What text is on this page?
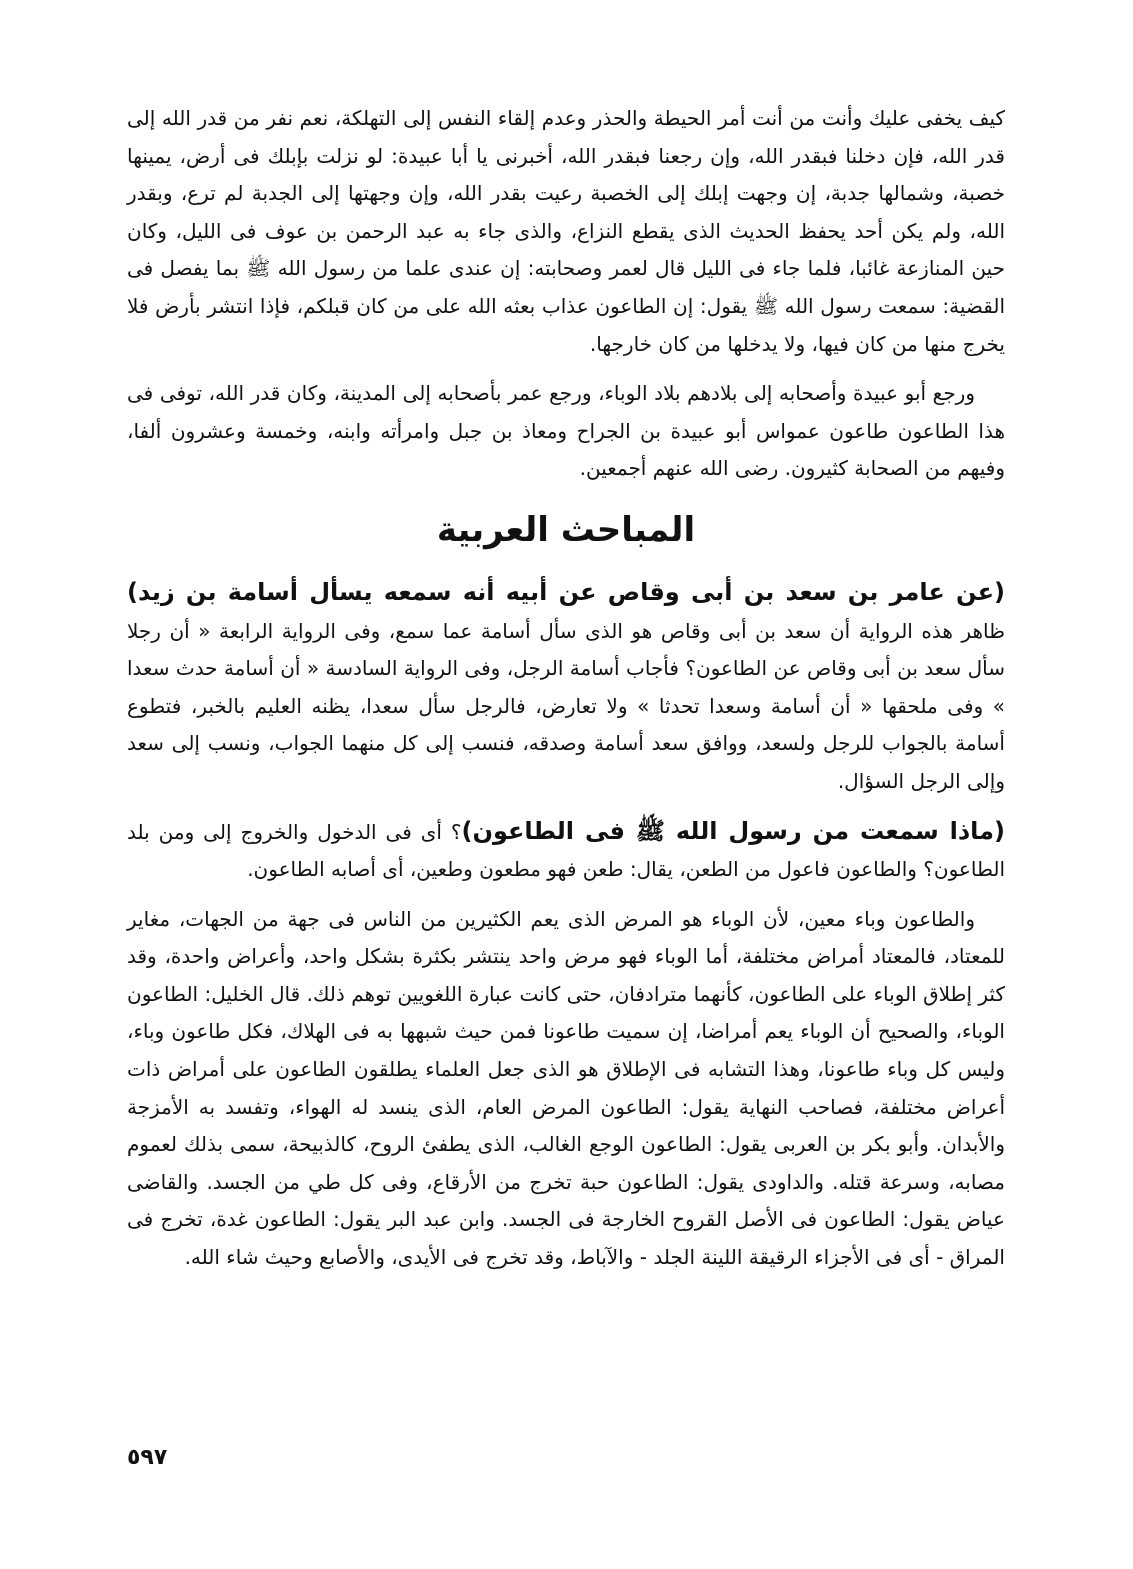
كيف يخفى عليك وأنت من أنت أمر الحيطة والحذر وعدم إلقاء النفس إلى التهلكة، نعم نفر من قدر الله إلى قدر الله، فإن دخلنا فبقدر الله، وإن رجعنا فبقدر الله، أخبرنى يا أبا عبيدة: لو نزلت بإبلك فى أرض، يمينها خصبة، وشمالها جدبة، إن وجهت إبلك إلى الخصبة رعيت بقدر الله، وإن وجهتها إلى الجدبة لم ترع، وبقدر الله، ولم يكن أحد يحفظ الحديث الذى يقطع النزاع، والذى جاء به عبد الرحمن بن عوف فى الليل، وكان حين المنازعة غائبا، فلما جاء فى الليل قال لعمر وصحابته: إن عندى علما من رسول الله ﷺ بما يفصل فى القضية: سمعت رسول الله ﷺ يقول: إن الطاعون عذاب بعثه الله على من كان قبلكم، فإذا انتشر بأرض فلا يخرج منها من كان فيها، ولا يدخلها من كان خارجها.

ورجع أبو عبيدة وأصحابه إلى بلادهم بلاد الوباء، ورجع عمر بأصحابه إلى المدينة، وكان قدر الله، توفى فى هذا الطاعون طاعون عمواس أبو عبيدة بن الجراح ومعاذ بن جبل وامرأته وابنه، وخمسة وعشرون ألفا، وفيهم من الصحابة كثيرون. رضى الله عنهم أجمعين.

المباحث العربية

(عن عامر بن سعد بن أبى وقاص عن أبيه أنه سمعه يسأل أسامة بن زيد) ظاهر هذه الرواية أن سعد بن أبى وقاص هو الذى سأل أسامة عما سمع، وفى الرواية الرابعة « أن رجلا سأل سعد بن أبى وقاص عن الطاعون؟ فأجاب أسامة الرجل، وفى الرواية السادسة « أن أسامة حدث سعدا » وفى ملحقها « أن أسامة وسعدا تحدثا » ولا تعارض، فالرجل سأل سعدا، يظنه العليم بالخبر، فتطوع أسامة بالجواب للرجل ولسعد، ووافق سعد أسامة وصدقه، فنسب إلى كل منهما الجواب، ونسب إلى سعد وإلى الرجل السؤال.

(ماذا سمعت من رسول الله ﷺ فى الطاعون)؟ أى فى الدخول والخروج إلى ومن بلد الطاعون؟ والطاعون فاعول من الطعن، يقال: طعن فهو مطعون وطعين، أى أصابه الطاعون.

والطاعون وباء معين، لأن الوباء هو المرض الذى يعم الكثيرين من الناس فى جهة من الجهات، مغاير للمعتاد، فالمعتاد أمراض مختلفة، أما الوباء فهو مرض واحد ينتشر بكثرة بشكل واحد، وأعراض واحدة، وقد كثر إطلاق الوباء على الطاعون، كأنهما مترادفان، حتى كانت عبارة اللغويين توهم ذلك. قال الخليل: الطاعون الوباء، والصحيح أن الوباء يعم أمراضا، إن سميت طاعونا فمن حيث شبهها به فى الهلاك، فكل طاعون وباء، وليس كل وباء طاعونا، وهذا التشابه فى الإطلاق هو الذى جعل العلماء يطلقون الطاعون على أمراض ذات أعراض مختلفة، فصاحب النهاية يقول: الطاعون المرض العام، الذى ينسد له الهواء، وتفسد به الأمزجة والأبدان. وأبو بكر بن العربى يقول: الطاعون الوجع الغالب، الذى يطفئ الروح، كالذبيحة، سمى بذلك لعموم مصابه، وسرعة قتله. والداودى يقول: الطاعون حبة تخرج من الأرقاع، وفى كل طي من الجسد. والقاضى عياض يقول: الطاعون فى الأصل القروح الخارجة فى الجسد. وابن عبد البر يقول: الطاعون غدة، تخرج فى المراق - أى فى الأجزاء الرقيقة اللينة الجلد - والآباط، وقد تخرج فى الأيدى، والأصابع وحيث شاء الله.

٥٩٧
